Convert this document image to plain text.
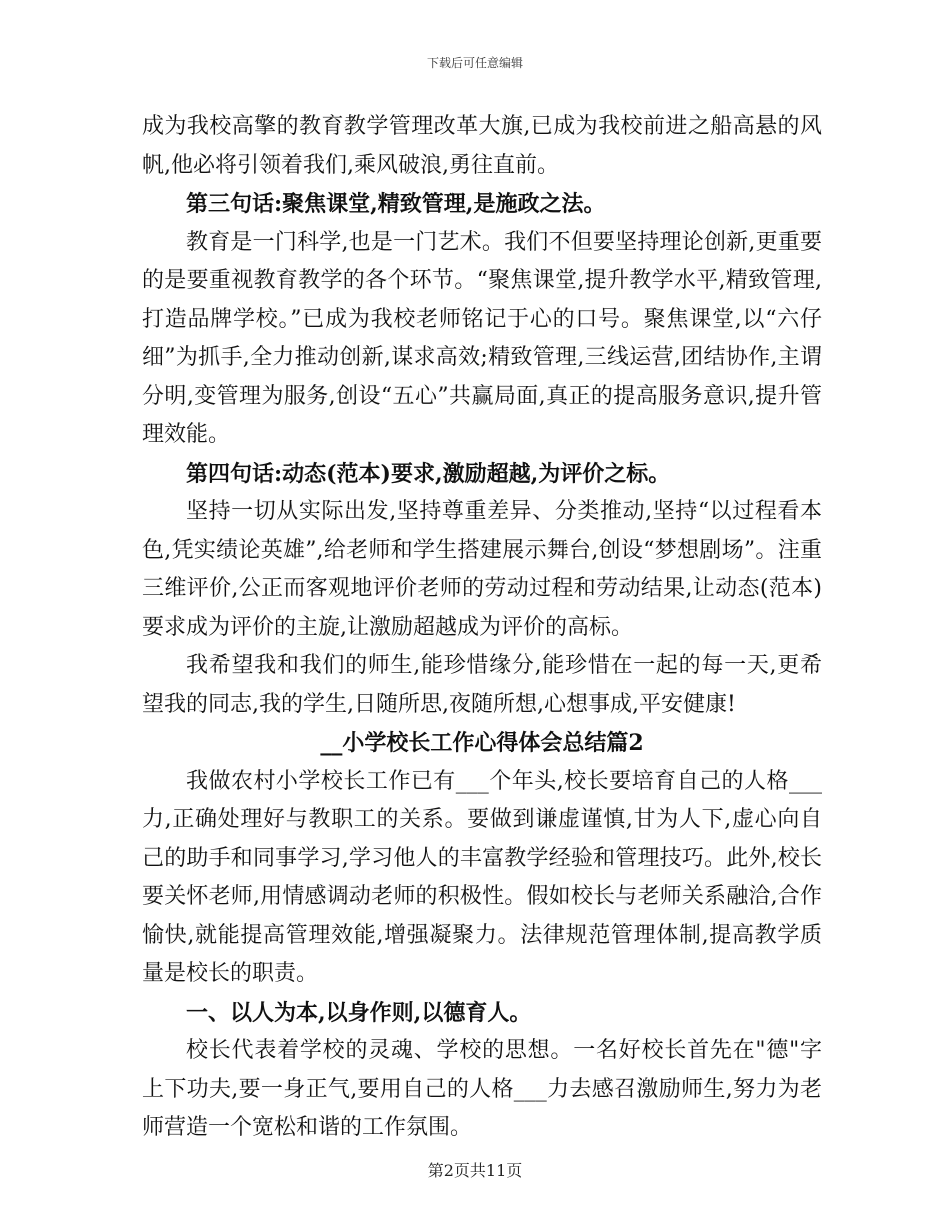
下载后可任意编辑

成为我校高擎的教育教学管理改革大旗,已成为我校前进之船高悬的风帆,他必将引领着我们,乘风破浪,勇往直前。

第三句话:聚焦课堂,精致管理,是施政之法。

教育是一门科学,也是一门艺术。我们不但要坚持理论创新,更重要的是要重视教育教学的各个环节。“聚焦课堂,提升教学水平,精致管理,打造品牌学校。”已成为我校老师铭记于心的口号。聚焦课堂,以“六仔细”为抓手,全力推动创新,谋求高效;精致管理,三线运营,团结协作,主谓分明,变管理为服务,创设“五心”共赢局面,真正的提高服务意识,提升管理效能。

第四句话:动态(范本)要求,激励超越,为评价之标。

坚持一切从实际出发,坚持尊重差异、分类推动,坚持“以过程看本色,凭实绩论英雄”,给老师和学生搭建展示舞台,创设“梦想剧场”。注重三维评价,公正而客观地评价老师的劳动过程和劳动结果,让动态(范本)要求成为评价的主旋,让激励超越成为评价的高标。

我希望我和我们的师生,能珍惜缘分,能珍惜在一起的每一天,更希望我的同志,我的学生,日随所思,夜随所想,心想事成,平安健康!

__小学校长工作心得体会总结篇2

我做农村小学校长工作已有___个年头,校长要培育自己的人格___力,正确处理好与教职工的关系。要做到谦虚谨慎,甘为人下,虚心向自己的助手和同事学习,学习他人的丰富教学经验和管理技巧。此外,校长要关怀老师,用情感调动老师的积极性。假如校长与老师关系融洽,合作愉快,就能提高管理效能,增强凝聚力。法律规范管理体制,提高教学质量是校长的职责。

一、以人为本,以身作则,以德育人。

校长代表着学校的灵魂、学校的思想。一名好校长首先在"德"字上下功夫,要一身正气,要用自己的人格___力去感召激励师生,努力为老师营造一个宽松和谐的工作氛围。

第2页共11页
